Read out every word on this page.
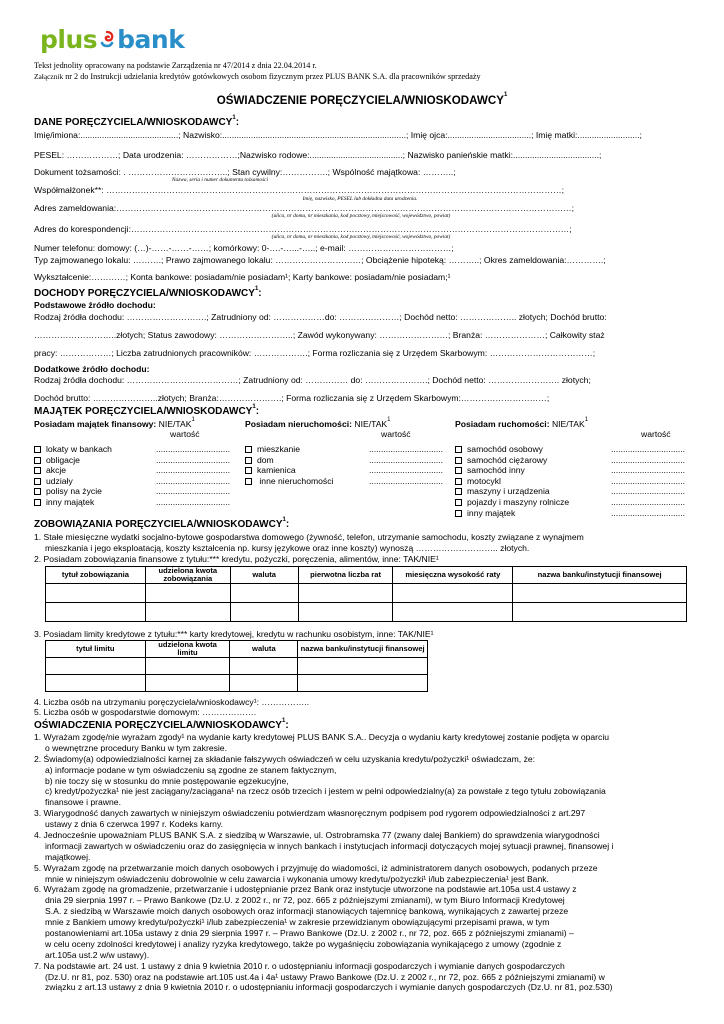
plus bank
Tekst jednolity opracowany na podstawie Zarządzenia nr 47/2014 z dnia 22.04.2014 r.
Załącznik nr 2 do Instrukcji udzielania kredytów gotówkowych osobom fizycznym przez PLUS BANK S.A. dla pracowników sprzedaży
OŚWIADCZENIE PORĘCZYCIELA/WNIOSKODAWCY$^1$
DANE PORĘCZYCIELA/WNIOSKODAWCY$^1$:
Imię/imiona:.........................................; Nazwisko:.............................................................................; Imię ojca:...................................; Imię matki:..........................;
PESEL: ………………; Data urodzenia: ………………;Nazwisko rodowe:.......................................; Nazwisko panieńskie matki:....................................;
Dokument tożsamości: . ……………………………..; Stan cywilny:…………….; Wspólność majątkowa: ………..;
Nazwa, seria i numer dokumentu tożsamości
Współmałżonek**: ……………………………………………………………………………………………………………………………………………;
Imię, nazwisko, PESEL lub dokładna data urodzenia.
Adres zameldowania:……………………………………………………………………………………………………………………………………………;
(ulica, nr domu, nr mieszkania, kod pocztowy, miejscowość, województwo, powiat)
Adres do korespondencji:………………………………………………………………………………………………………………………………………;
(ulica, nr domu, nr mieszkania, kod pocztowy, miejscowość, województwo, powiat)
Numer telefonu: domowy: (…)-……-……-……; komórkowy: 0-….-…...-…..; e-mail: ………………………………;
Typ zajmowanego lokalu: ……….; Prawo zajmowanego lokalu: …………………………; Obciążenie hipoteką: ………..; Okres zameldowania:………….;
Wykształcenie:…………; Konta bankowe: posiadam/nie posiadam¹; Karty bankowe: posiadam/nie posiadam;¹
DOCHODY PORĘCZYCIELA/WNIOSKODAWCY$^1$:
Podstawowe źródło dochodu:
Rodzaj źródła dochodu: ……………………….; Zatrudniony od: ………………do: …………………; Dochód netto: ……………….. złotych; Dochód brutto:
………………………..złotych; Status zawodowy: ……………………..; Zawód wykonywany: ……………………; Branża: …………………; Całkowity staż
pracy: ………………; Liczba zatrudnionych pracowników: ……………….; Forma rozliczania się z Urzędem Skarbowym: ………………………………;
Dodatkowe źródło dochodu:
Rodzaj źródła dochodu: …………………………………; Zatrudniony od: …………… do: ………………….; Dochód netto: ……………………. złotych;
Dochód brutto: …………………..złotych; Branża:………………….; Forma rozliczania się z Urzędem Skarbowym:…………………………;
MAJĄTEK PORĘCZYCIELA/WNIOSKODAWCY$^1$:
Posiadam majątek finansowy: NIE/TAK$^1$
wartość
lokaty w bankach	...............................
obligacje	...............................
akcje	...............................
udziały	...............................
polisy na życie	...............................
inny majątek	...............................
Posiadam nieruchomości: NIE/TAK$^1$
wartość
mieszkanie	...............................
dom	...............................
kamienica	...............................
inne nieruchomości	...............................
Posiadam ruchomości: NIE/TAK$^1$
wartość
samochód osobowy	...............................
samochód ciężarowy	...............................
samochód inny	...............................
motocykl	...............................
maszyny i urządzenia	...............................
pojazdy i maszyny rolnicze	...............................
inny majątek	...............................
ZOBOWIĄZANIA PORĘCZYCIELA/WNIOSKODAWCY$^1$:
1. Stałe miesięczne wydatki socjalno-bytowe gospodarstwa domowego (żywność, telefon, utrzymanie samochodu, koszty związane z wynajmem
mieszkania i jego eksploatacją, koszty kształcenia np. kursy językowe oraz inne koszty) wynoszą ……………………….. złotych.
2. Posiadam zobowiązania finansowe z tytułu:*** kredytu, pożyczki, poręczenia, alimentów, inne: TAK/NIE¹
tytuł zobowiązania	udzielona kwota zobowiązania	waluta	pierwotna liczba rat	miesięczna wysokość raty	nazwa banku/instytucji finansowej

3. Posiadam limity kredytowe z tytułu:*** karty kredytowej, kredytu w rachunku osobistym, inne: TAK/NIE¹
tytuł limitu	udzielona kwota limitu	waluta	nazwa banku/instytucji finansowej

4. Liczba osób na utrzymaniu poręczyciela/wnioskodawcy¹: ……………..
5. Liczba osób w gospodarstwie domowym: ……………….
OŚWIADCZENIA PORĘCZYCIELA/WNIOSKODAWCY$^1$:
1. Wyrażam zgodę/nie wyrażam zgody¹ na wydanie karty kredytowej PLUS BANK S.A.. Decyzja o wydaniu karty kredytowej zostanie podjęta w oparciu
o wewnętrzne procedury Banku w tym zakresie.
2. Świadomy(a) odpowiedzialności karnej za składanie fałszywych oświadczeń w celu uzyskania kredytu/pożyczki¹ oświadczam, że:
a) informacje podane w tym oświadczeniu są zgodne ze stanem faktycznym,
b) nie toczy się w stosunku do mnie postępowanie egzekucyjne,
c) kredyt/pożyczka¹ nie jest zaciągany/zaciągana¹ na rzecz osób trzecich i jestem w pełni odpowiedzialny(a) za powstałe z tego tytułu zobowiązania
finansowe i prawne.
3. Wiarygodność danych zawartych w niniejszym oświadczeniu potwierdzam własnoręcznym podpisem pod rygorem odpowiedzialności z art.297
ustawy z dnia 6 czerwca 1997 r. Kodeks karny.
4. Jednocześnie upoważniam PLUS BANK S.A. z siedzibą w Warszawie, ul. Ostrobramska 77 (zwany dalej Bankiem) do sprawdzenia wiarygodności
informacji zawartych w oświadczeniu oraz do zasięgnięcia w innych bankach i instytucjach informacji dotyczących mojej sytuacji prawnej, finansowej i
majątkowej.
5. Wyrażam zgodę na przetwarzanie moich danych osobowych i przyjmuję do wiadomości, iż administratorem danych osobowych, podanych przeze
mnie w niniejszym oświadczeniu dobrowolnie w celu zawarcia i wykonania umowy kredytu/pożyczki¹ i/lub zabezpieczenia¹ jest Bank.
6. Wyrażam zgodę na gromadzenie, przetwarzanie i udostępnianie przez Bank oraz instytucje utworzone na podstawie art.105a ust.4 ustawy z
dnia 29 sierpnia 1997 r. – Prawo Bankowe (Dz.U. z 2002 r., nr 72, poz. 665 z późniejszymi zmianami), w tym Biuro Informacji Kredytowej
S.A. z siedzibą w Warszawie moich danych osobowych oraz informacji stanowiących tajemnicę bankową, wynikających z zawartej przeze
mnie z Bankiem umowy kredytu/pożyczki¹ i/lub zabezpieczenia¹ w zakresie przewidzianym obowiązującymi przepisami prawa, w tym
postanowieniami art.105a ustawy z dnia 29 sierpnia 1997 r. – Prawo Bankowe (Dz.U. z 2002 r., nr 72, poz. 665 z późniejszymi zmianami) –
w celu oceny zdolności kredytowej i analizy ryzyka kredytowego, także po wygaśnięciu zobowiązania wynikającego z umowy (zgodnie z
art.105a ust.2 w/w ustawy).
7. Na podstawie art. 24 ust. 1 ustawy z dnia 9 kwietnia 2010 r. o udostępnianiu informacji gospodarczych i wymianie danych gospodarczych
(Dz.U. nr 81, poz. 530) oraz na podstawie art.105 ust.4a i 4a¹ ustawy Prawo Bankowe (Dz.U. z 2002 r., nr 72, poz. 665 z późniejszymi zmianami) w
związku z art.13 ustawy z dnia 9 kwietnia 2010 r. o udostępnianiu informacji gospodarczych i wymianie danych gospodarczych (Dz.U. nr 81, poz.530)
